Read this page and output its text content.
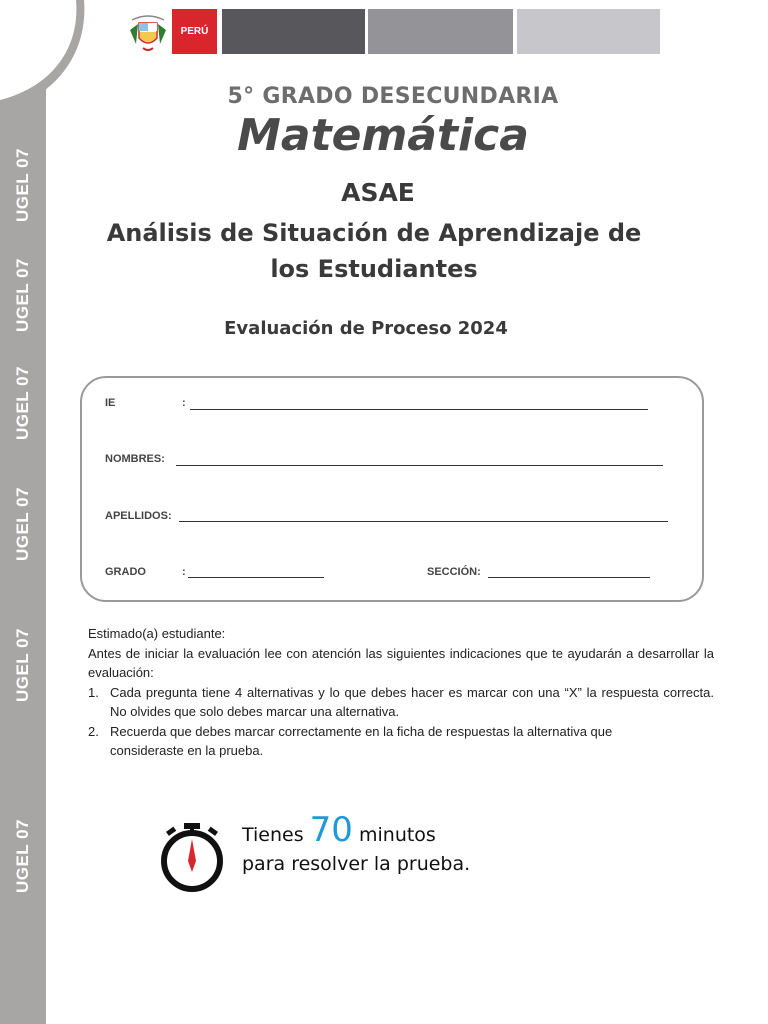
UGEL 07
UGEL 07
UGEL 07
UGEL 07
UGEL 07
UGEL 07
PERÚ
5° GRADO DESECUNDARIA
Matemática
ASAE
Análisis de Situación de Aprendizaje de los Estudiantes
Evaluación de Proceso 2024
IE	:
NOMBRES:
APELLIDOS:
GRADO	:	SECCIÓN:

Estimado(a) estudiante:

Antes de iniciar la evaluación lee con atención las siguientes indicaciones que te ayudarán a desarrollar la evaluación:

1. Cada pregunta tiene 4 alternativas y lo que debes hacer es marcar con una “X” la respuesta correcta. No olvides que solo debes marcar una alternativa.
2. Recuerda que debes marcar correctamente en la ficha de respuestas la alternativa que consideraste en la prueba.
Tienes 70 minutos
para resolver la prueba.
